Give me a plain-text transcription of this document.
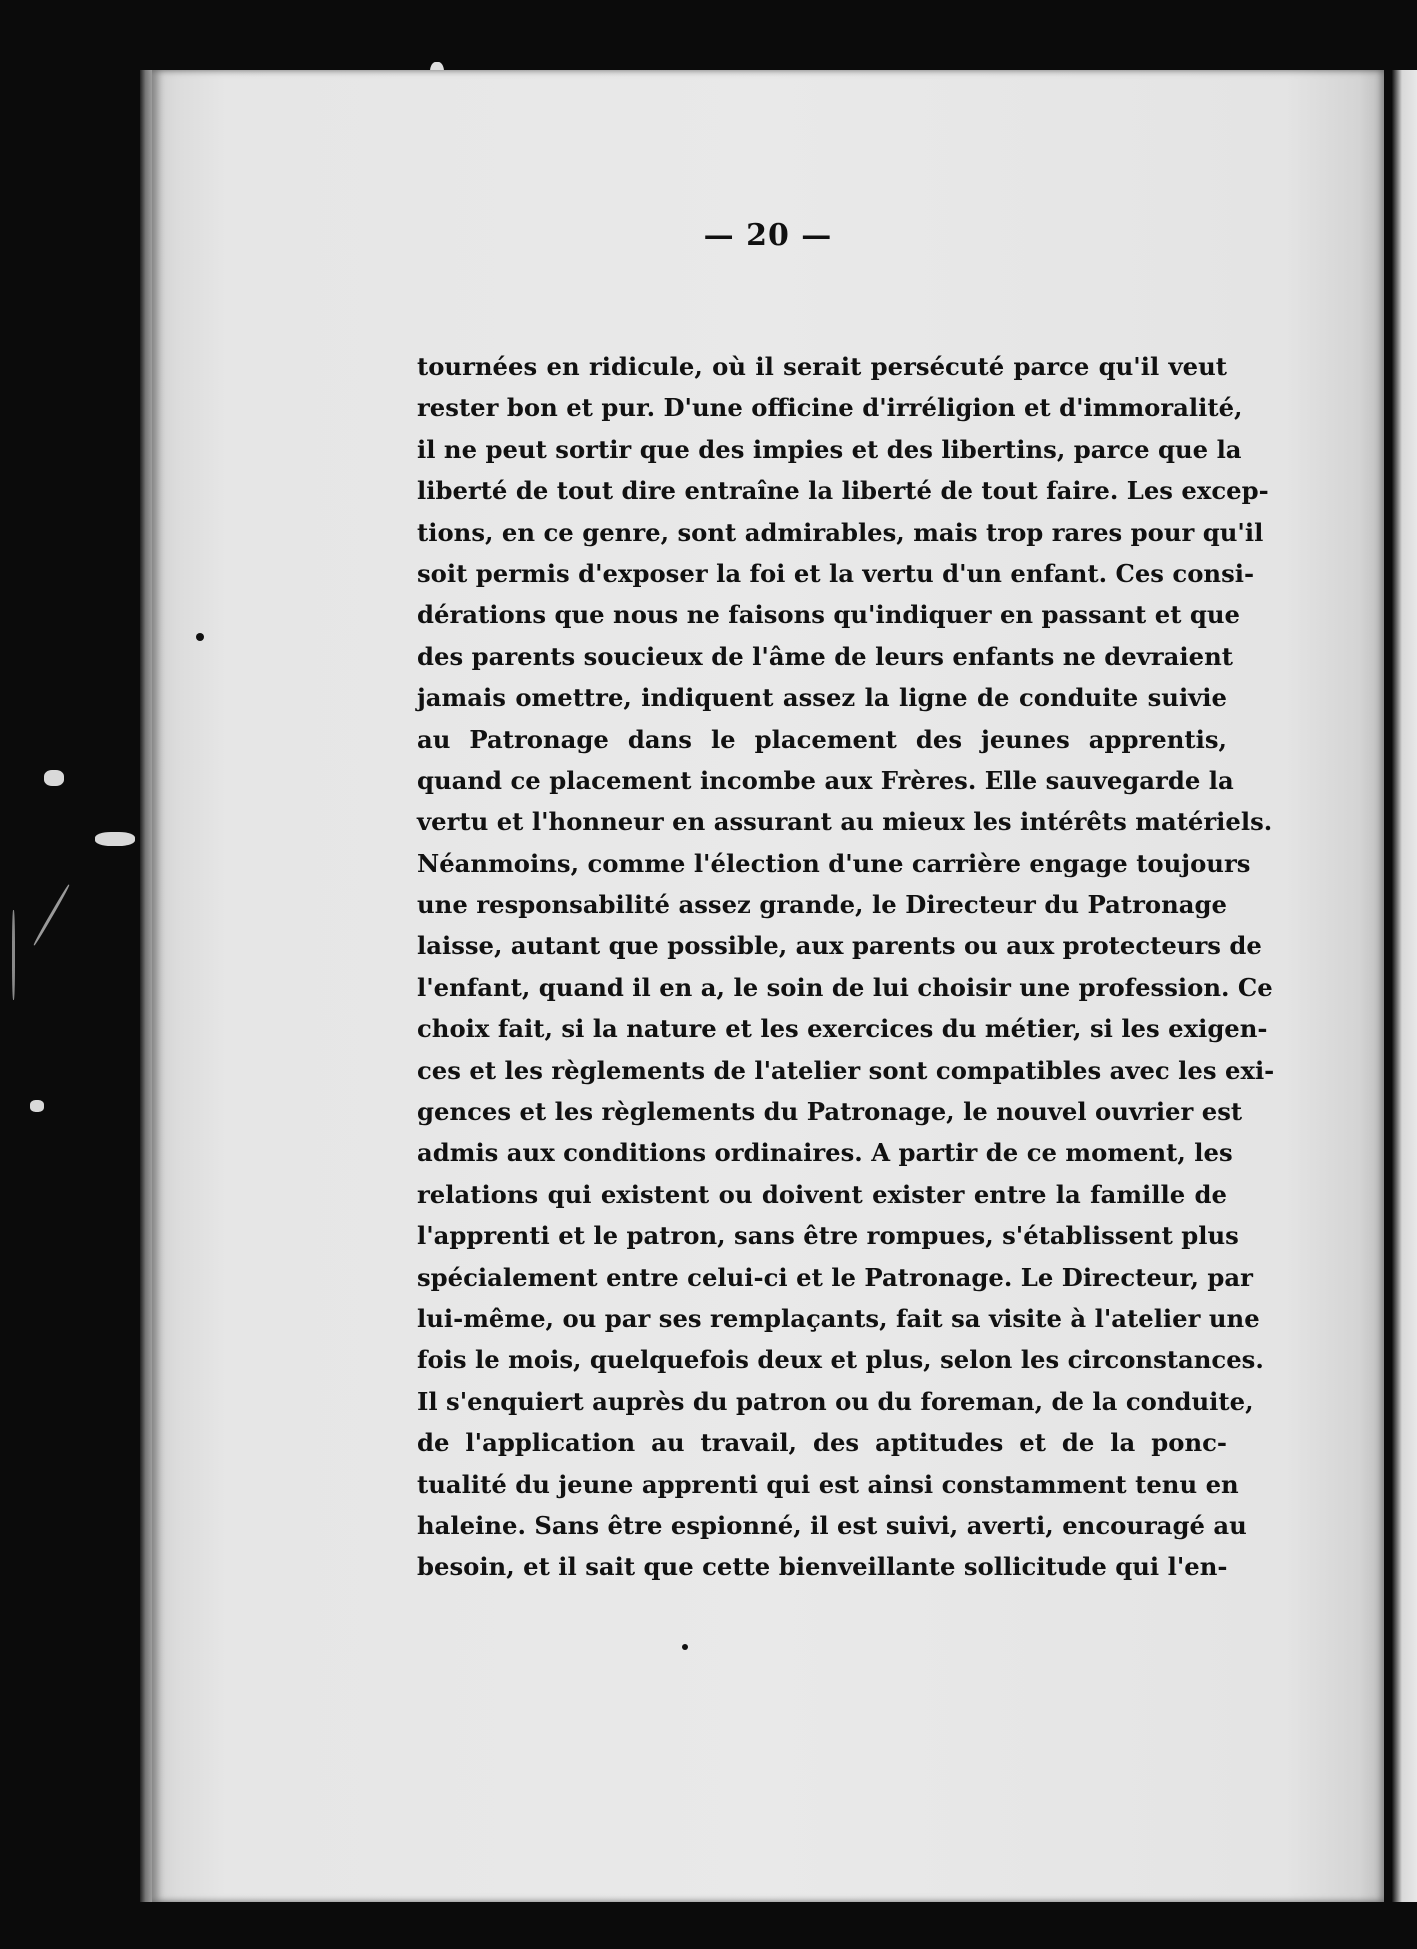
— 20 —
tournées en ridicule, où il serait persécuté parce qu'il veut
rester bon et pur. D'une officine d'irréligion et d'immoralité,
il ne peut sortir que des impies et des libertins, parce que la
liberté de tout dire entraîne la liberté de tout faire. Les excep-
tions, en ce genre, sont admirables, mais trop rares pour qu'il
soit permis d'exposer la foi et la vertu d'un enfant. Ces consi-
dérations que nous ne faisons qu'indiquer en passant et que
des parents soucieux de l'âme de leurs enfants ne devraient
jamais omettre, indiquent assez la ligne de conduite suivie
au Patronage dans le placement des jeunes apprentis,
quand ce placement incombe aux Frères. Elle sauvegarde la
vertu et l'honneur en assurant au mieux les intérêts matériels.
Néanmoins, comme l'élection d'une carrière engage toujours
une responsabilité assez grande, le Directeur du Patronage
laisse, autant que possible, aux parents ou aux protecteurs de
l'enfant, quand il en a, le soin de lui choisir une profession. Ce
choix fait, si la nature et les exercices du métier, si les exigen-
ces et les règlements de l'atelier sont compatibles avec les exi-
gences et les règlements du Patronage, le nouvel ouvrier est
admis aux conditions ordinaires. A partir de ce moment, les
relations qui existent ou doivent exister entre la famille de
l'apprenti et le patron, sans être rompues, s'établissent plus
spécialement entre celui-ci et le Patronage. Le Directeur, par
lui-même, ou par ses remplaçants, fait sa visite à l'atelier une
fois le mois, quelquefois deux et plus, selon les circonstances.
Il s'enquiert auprès du patron ou du foreman, de la conduite,
de l'application au travail, des aptitudes et de la ponc-
tualité du jeune apprenti qui est ainsi constamment tenu en
haleine. Sans être espionné, il est suivi, averti, encouragé au
besoin, et il sait que cette bienveillante sollicitude qui l'en-
